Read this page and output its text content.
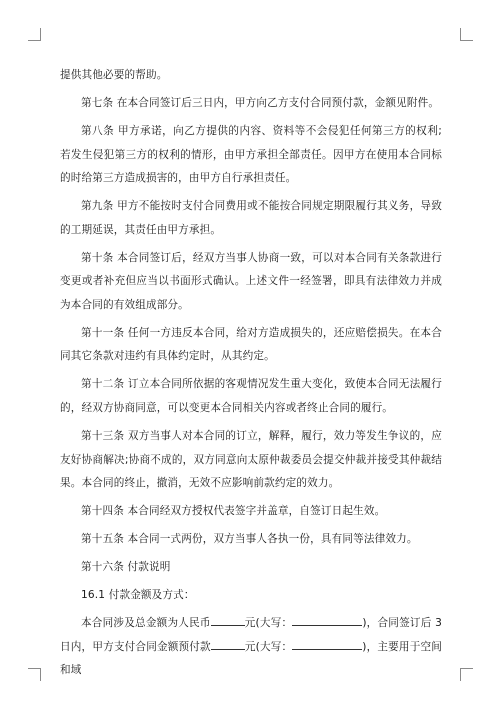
提供其他必要的帮助。

第七条 在本合同签订后三日内，甲方向乙方支付合同预付款，金额见附件。

第八条 甲方承诺，向乙方提供的内容、资料等不会侵犯任何第三方的权利;若发生侵犯第三方的权利的情形，由甲方承担全部责任。因甲方在使用本合同标的时给第三方造成损害的，由甲方自行承担责任。

第九条 甲方不能按时支付合同费用或不能按合同规定期限履行其义务，导致的工期延误，其责任由甲方承担。

第十条 本合同签订后，经双方当事人协商一致，可以对本合同有关条款进行变更或者补充但应当以书面形式确认。上述文件一经签署，即具有法律效力并成为本合同的有效组成部分。

第十一条 任何一方违反本合同，给对方造成损失的，还应赔偿损失。在本合同其它条款对违约有具体约定时，从其约定。

第十二条 订立本合同所依据的客观情况发生重大变化，致使本合同无法履行的，经双方协商同意，可以变更本合同相关内容或者终止合同的履行。

第十三条 双方当事人对本合同的订立，解释，履行，效力等发生争议的，应友好协商解决;协商不成的，双方同意向太原仲裁委员会提交仲裁并接受其仲裁结果。本合同的终止，撤消，无效不应影响前款约定的效力。

第十四条 本合同经双方授权代表签字并盖章，自签订日起生效。

第十五条 本合同一式两份，双方当事人各执一份，具有同等法律效力。

第十六条 付款说明

16.1 付款金额及方式：

本合同涉及总金额为人民币	元(大写：	)，合同签订后 3 日内，甲方支付合同金额预付款	元(大写：	)，主要用于空间和域
